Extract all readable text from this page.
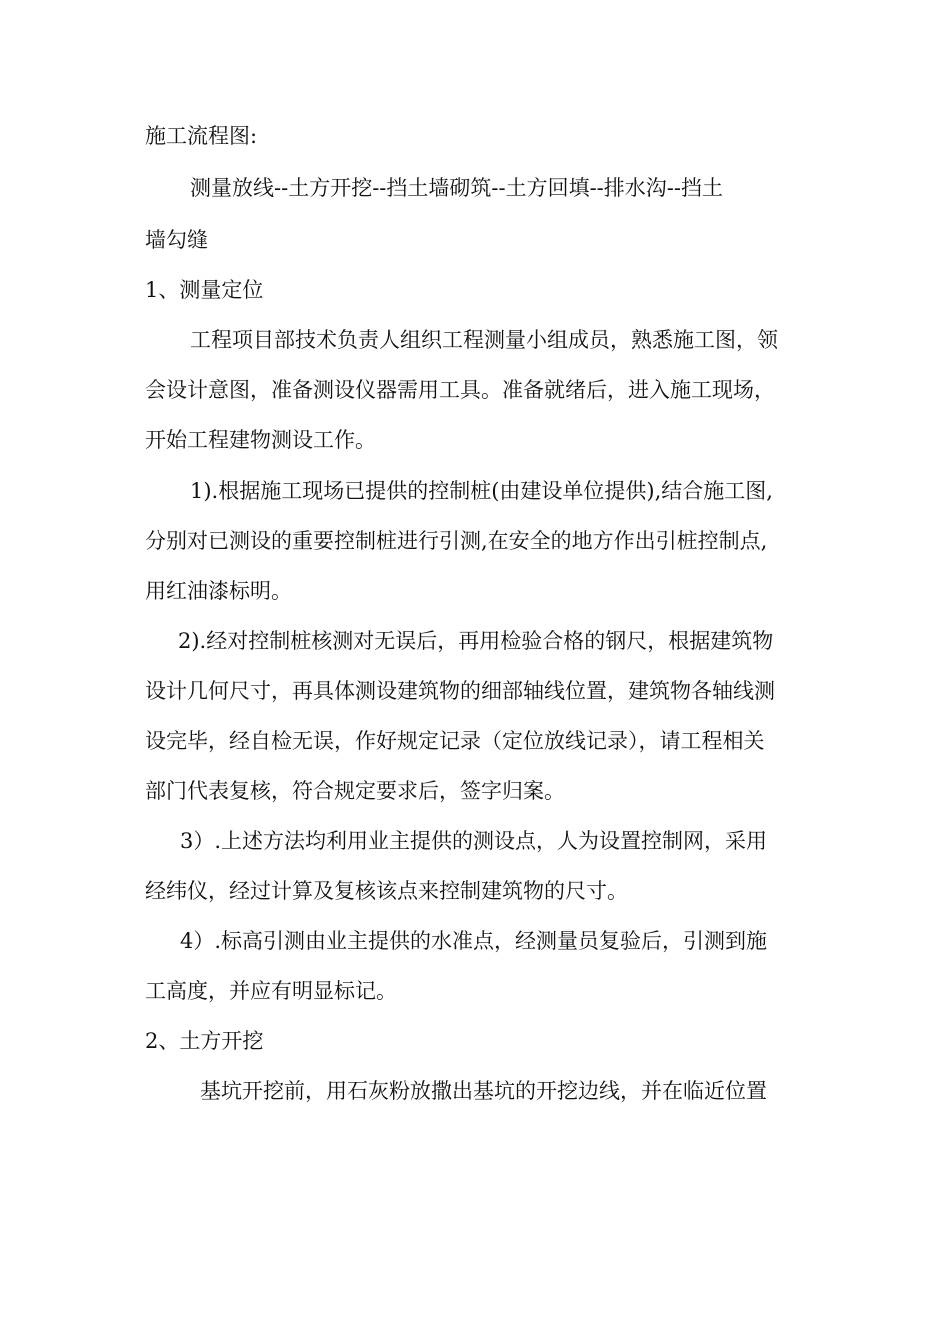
施工流程图:
测量放线--土方开挖--挡土墙砌筑--土方回填--排水沟--挡土
墙勾缝
1、测量定位
工程项目部技术负责人组织工程测量小组成员，熟悉施工图，领
会设计意图，准备测设仪器需用工具。准备就绪后，进入施工现场，
开始工程建物测设工作。
1).根据施工现场已提供的控制桩(由建设单位提供),结合施工图,
分别对已测设的重要控制桩进行引测,在安全的地方作出引桩控制点,
用红油漆标明。
2).经对控制桩核测对无误后，再用检验合格的钢尺，根据建筑物
设计几何尺寸，再具体测设建筑物的细部轴线位置，建筑物各轴线测
设完毕，经自检无误，作好规定记录（定位放线记录），请工程相关
部门代表复核，符合规定要求后，签字归案。
3）.上述方法均利用业主提供的测设点，人为设置控制网，采用
经纬仪，经过计算及复核该点来控制建筑物的尺寸。
4）.标高引测由业主提供的水准点，经测量员复验后，引测到施
工高度，并应有明显标记。
2、土方开挖
基坑开挖前，用石灰粉放撒出基坑的开挖边线，并在临近位置
